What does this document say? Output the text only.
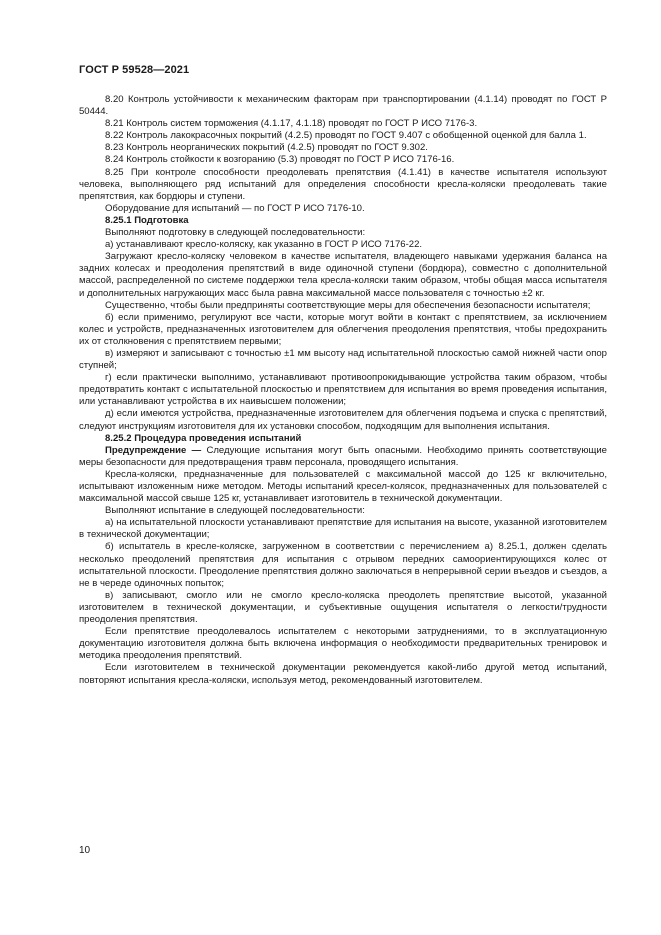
ГОСТ Р 59528—2021

8.20 Контроль устойчивости к механическим факторам при транспортировании (4.1.14) проводят по ГОСТ Р 50444.

8.21 Контроль систем торможения (4.1.17, 4.1.18) проводят по ГОСТ Р ИСО 7176-3.

8.22 Контроль лакокрасочных покрытий (4.2.5) проводят по ГОСТ 9.407 с обобщенной оценкой для балла 1.

8.23 Контроль неорганических покрытий (4.2.5) проводят по ГОСТ 9.302.

8.24 Контроль стойкости к возгоранию (5.3) проводят по ГОСТ Р ИСО 7176-16.

8.25 При контроле способности преодолевать препятствия (4.1.41) в качестве испытателя используют человека, выполняющего ряд испытаний для определения способности кресла-коляски преодолевать такие препятствия, как бордюры и ступени.

Оборудование для испытаний — по ГОСТ Р ИСО 7176-10.

8.25.1 Подготовка

Выполняют подготовку в следующей последовательности:

а) устанавливают кресло-коляску, как указанно в ГОСТ Р ИСО 7176-22.

Загружают кресло-коляску человеком в качестве испытателя, владеющего навыками удержания баланса на задних колесах и преодоления препятствий в виде одиночной ступени (бордюра), совместно с дополнительной массой, распределенной по системе поддержки тела кресла-коляски таким образом, чтобы общая масса испытателя и дополнительных нагружающих масс была равна максимальной массе пользователя с точностью ±2 кг.

Существенно, чтобы были предприняты соответствующие меры для обеспечения безопасности испытателя;

б) если применимо, регулируют все части, которые могут войти в контакт с препятствием, за исключением колес и устройств, предназначенных изготовителем для облегчения преодоления препятствия, чтобы предохранить их от столкновения с препятствием первыми;

в) измеряют и записывают с точностью ±1 мм высоту над испытательной плоскостью самой нижней части опор ступней;

г) если практически выполнимо, устанавливают противоопрокидывающие устройства таким образом, чтобы предотвратить контакт с испытательной плоскостью и препятствием для испытания во время проведения испытания, или устанавливают устройства в их наивысшем положении;

д) если имеются устройства, предназначенные изготовителем для облегчения подъема и спуска с препятствий, следуют инструкциям изготовителя для их установки способом, подходящим для выполнения испытания.

8.25.2 Процедура проведения испытаний

Предупреждение — Следующие испытания могут быть опасными. Необходимо принять соответствующие меры безопасности для предотвращения травм персонала, проводящего испытания.

Кресла-коляски, предназначенные для пользователей с максимальной массой до 125 кг включительно, испытывают изложенным ниже методом. Методы испытаний кресел-колясок, предназначенных для пользователей с максимальной массой свыше 125 кг, устанавливает изготовитель в технической документации.

Выполняют испытание в следующей последовательности:

а) на испытательной плоскости устанавливают препятствие для испытания на высоте, указанной изготовителем в технической документации;

б) испытатель в кресле-коляске, загруженном в соответствии с перечислением а) 8.25.1, должен сделать несколько преодолений препятствия для испытания с отрывом передних самоориентирующихся колес от испытательной плоскости. Преодоление препятствия должно заключаться в непрерывной серии въездов и съездов, а не в череде одиночных попыток;

в) записывают, смогло или не смогло кресло-коляска преодолеть препятствие высотой, указанной изготовителем в технической документации, и субъективные ощущения испытателя о легкости/трудности преодоления препятствия.

Если препятствие преодолевалось испытателем с некоторыми затруднениями, то в эксплуатационную документацию изготовителя должна быть включена информация о необходимости предварительных тренировок и методика преодоления препятствий.

Если изготовителем в технической документации рекомендуется какой-либо другой метод испытаний, повторяют испытания кресла-коляски, используя метод, рекомендованный изготовителем.

10
